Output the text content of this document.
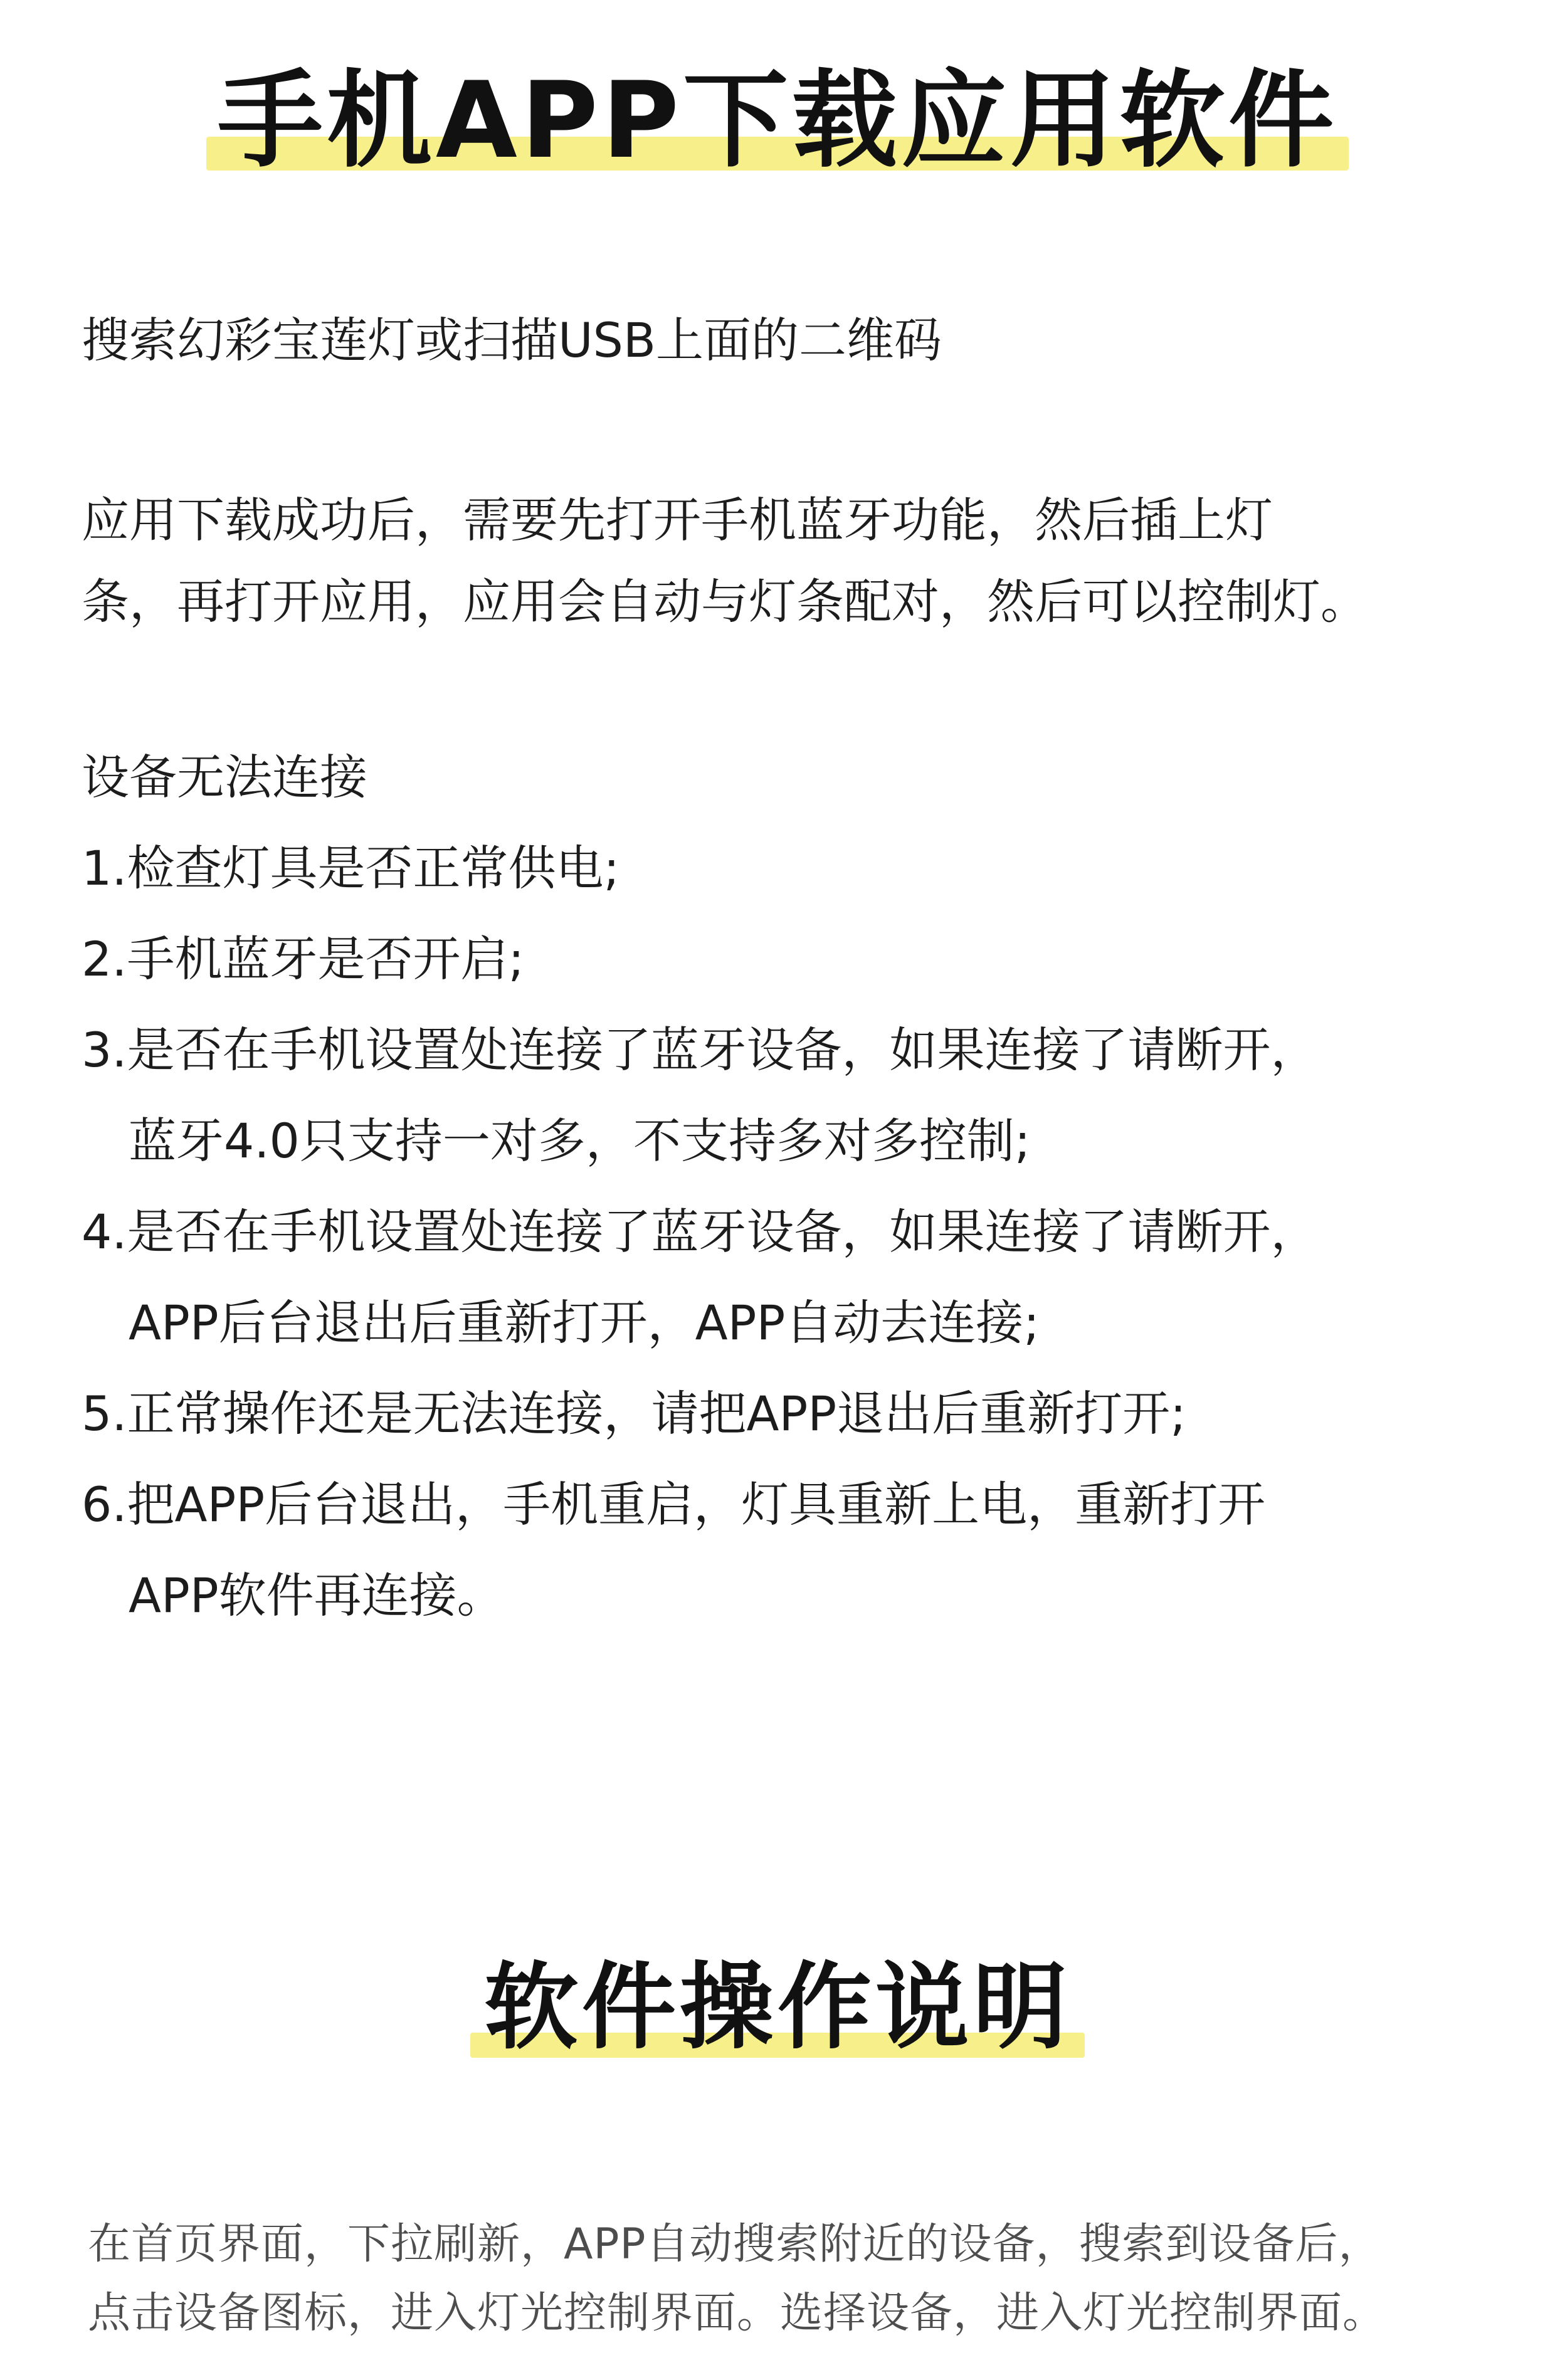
手机APP下载应用软件
搜索幻彩宝莲灯或扫描USB上面的二维码
应用下载成功后，需要先打开手机蓝牙功能，然后插上灯
条，再打开应用，应用会自动与灯条配对，然后可以控制灯。
设备无法连接
1.检查灯具是否正常供电;
2.手机蓝牙是否开启;
3.是否在手机设置处连接了蓝牙设备，如果连接了请断开，
蓝牙4.0只支持一对多，不支持多对多控制;
4.是否在手机设置处连接了蓝牙设备，如果连接了请断开，
APP后台退出后重新打开，APP自动去连接;
5.正常操作还是无法连接，请把APP退出后重新打开;
6.把APP后台退出，手机重启，灯具重新上电，重新打开
APP软件再连接。
软件操作说明
在首页界面，下拉刷新，APP自动搜索附近的设备，搜索到设备后，
点击设备图标，进入灯光控制界面。选择设备，进入灯光控制界面。
